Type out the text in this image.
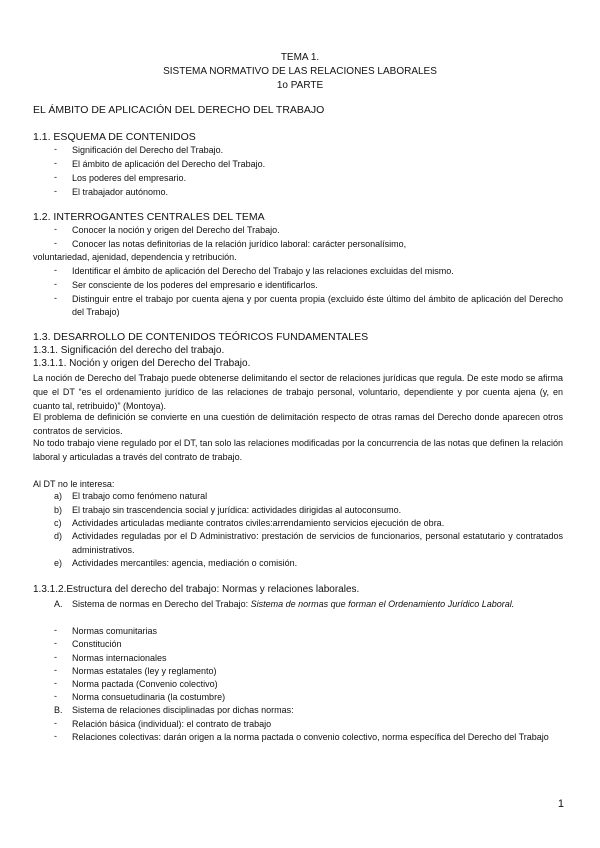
TEMA 1.
SISTEMA NORMATIVO DE LAS RELACIONES LABORALES
1o PARTE
EL ÁMBITO DE APLICACIÓN DEL DERECHO DEL TRABAJO
1.1. ESQUEMA DE CONTENIDOS
- Significación del Derecho del Trabajo.
- El ámbito de aplicación del Derecho del Trabajo.
- Los poderes del empresario.
- El trabajador autónomo.
1.2. INTERROGANTES CENTRALES DEL TEMA
- Conocer la noción y origen del Derecho del Trabajo.
- Conocer las notas definitorias de la relación jurídico laboral: carácter personalísimo,
voluntariedad, ajenidad, dependencia y retribución.
- Identificar el ámbito de aplicación del Derecho del Trabajo y las relaciones excluidas del mismo.
- Ser consciente de los poderes del empresario e identificarlos.
- Distinguir entre el trabajo por cuenta ajena y por cuenta propia (excluido éste último del ámbito de aplicación del Derecho del Trabajo)
1.3. DESARROLLO DE CONTENIDOS TEÓRICOS FUNDAMENTALES
1.3.1. Significación del derecho del trabajo.
1.3.1.1. Noción y origen del Derecho del Trabajo.
La noción de Derecho del Trabajo puede obtenerse delimitando el sector de relaciones jurídicas que regula. De este modo se afirma que el DT “es el ordenamiento jurídico de las relaciones de trabajo personal, voluntario, dependiente y por cuenta ajena (y, en cuanto tal, retribuido)” (Montoya).
El problema de definición se convierte en una cuestión de delimitación respecto de otras ramas del Derecho donde aparecen otros contratos de servicios.
No todo trabajo viene regulado por el DT, tan solo las relaciones modificadas por la concurrencia de las notas que definen la relación laboral y articuladas a través del contrato de trabajo.
Al DT no le interesa:
a) El trabajo como fenómeno natural
b) El trabajo sin trascendencia social y jurídica: actividades dirigidas al autoconsumo.
c) Actividades articuladas mediante contratos civiles:arrendamiento servicios ejecución de obra.
d) Actividades reguladas por el D Administrativo: prestación de servicios de funcionarios, personal estatutario y contratados administrativos.
e) Actividades mercantiles: agencia, mediación o comisión.
1.3.1.2.Estructura del derecho del trabajo: Normas y relaciones laborales.
A. Sistema de normas en Derecho del Trabajo: Sistema de normas que forman el Ordenamiento Jurídico Laboral.
- Normas comunitarias
- Constitución
- Normas internacionales
- Normas estatales (ley y reglamento)
- Norma pactada (Convenio colectivo)
- Norma consuetudinaria (la costumbre)
B. Sistema de relaciones disciplinadas por dichas normas:
- Relación básica (individual): el contrato de trabajo
- Relaciones colectivas: darán origen a la norma pactada o convenio colectivo, norma específica del Derecho del Trabajo
1
